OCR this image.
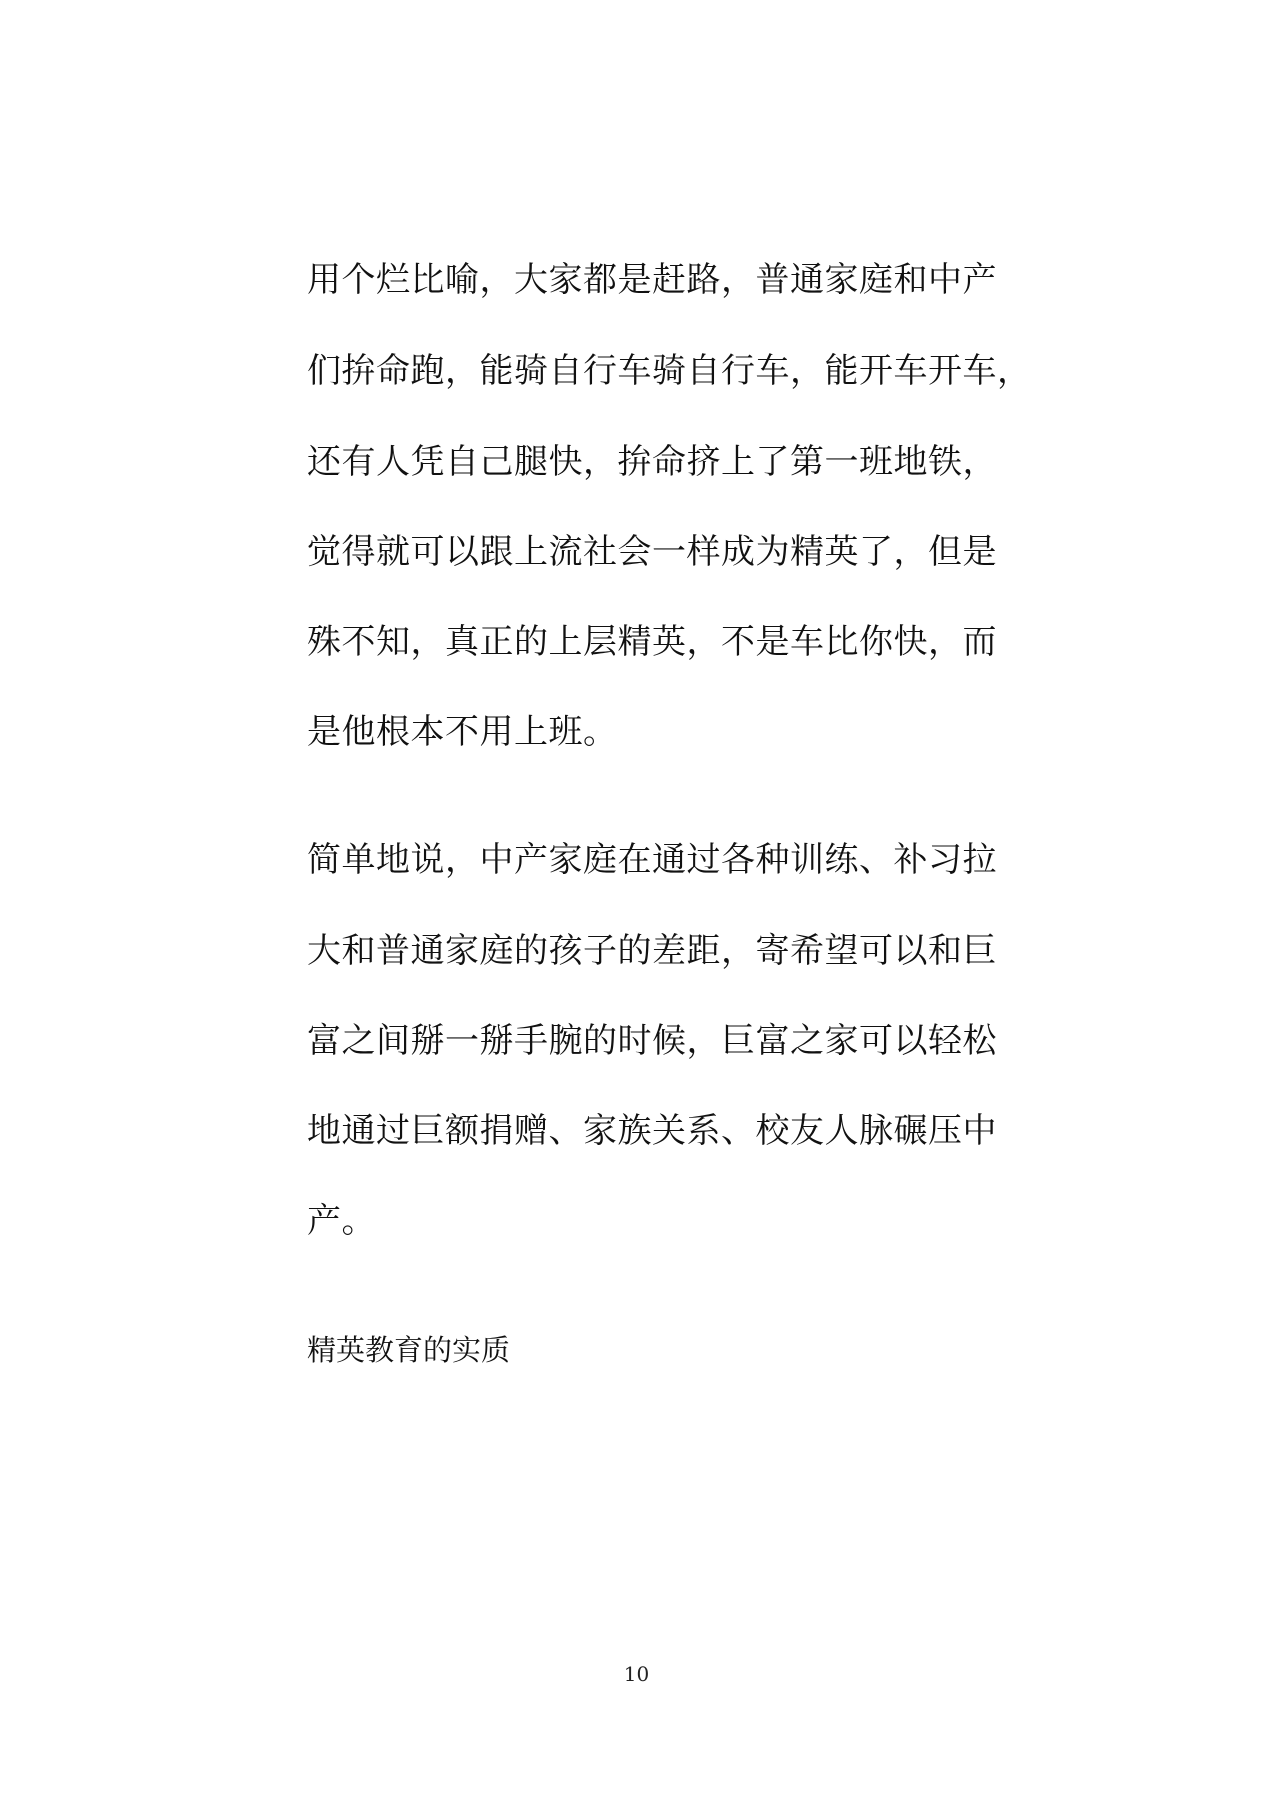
用个烂比喻，大家都是赶路，普通家庭和中产
们拚命跑，能骑自行车骑自行车，能开车开车，
还有人凭自己腿快，拚命挤上了第一班地铁，
觉得就可以跟上流社会一样成为精英了，但是
殊不知，真正的上层精英，不是车比你快，而
是他根本不用上班。
简单地说，中产家庭在通过各种训练、补习拉
大和普通家庭的孩子的差距，寄希望可以和巨
富之间掰一掰手腕的时候，巨富之家可以轻松
地通过巨额捐赠、家族关系、校友人脉碾压中
产。
精英教育的实质
10
